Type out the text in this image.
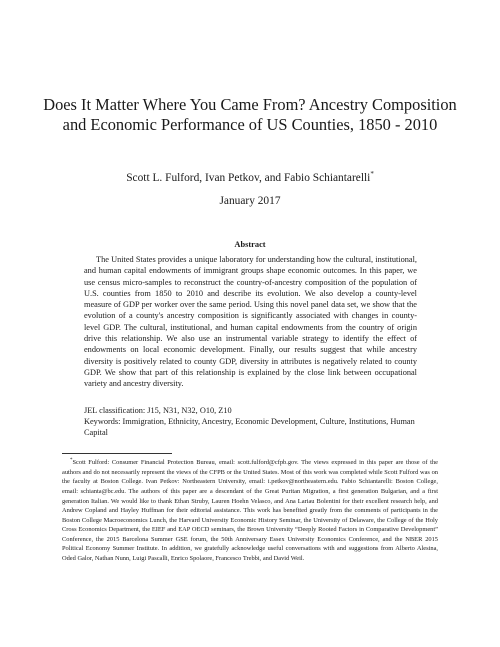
Does It Matter Where You Came From? Ancestry Composition and Economic Performance of US Counties, 1850 - 2010
Scott L. Fulford, Ivan Petkov, and Fabio Schiantarelli*
January 2017
Abstract
The United States provides a unique laboratory for understanding how the cultural, institutional, and human capital endowments of immigrant groups shape economic outcomes. In this paper, we use census micro-samples to reconstruct the country-of-ancestry composition of the population of U.S. counties from 1850 to 2010 and describe its evolution. We also develop a county-level measure of GDP per worker over the same period. Using this novel panel data set, we show that the evolution of a county's ancestry composition is significantly associated with changes in county-level GDP. The cultural, institutional, and human capital endowments from the country of origin drive this relationship. We also use an instrumental variable strategy to identify the effect of endowments on local economic development. Finally, our results suggest that while ancestry diversity is positively related to county GDP, diversity in attributes is negatively related to county GDP. We show that part of this relationship is explained by the close link between occupational variety and ancestry diversity.
JEL classification: J15, N31, N32, O10, Z10
Keywords: Immigration, Ethnicity, Ancestry, Economic Development, Culture, Institutions, Human Capital
*Scott Fulford: Consumer Financial Protection Bureau, email: scott.fulford@cfpb.gov. The views expressed in this paper are those of the authors and do not necessarily represent the views of the CFPB or the United States. Most of this work was completed while Scott Fulford was on the faculty at Boston College. Ivan Petkov: Northeastern University, email: i.petkov@northeastern.edu. Fabio Schiantarelli: Boston College, email: schianta@bc.edu. The authors of this paper are a descendant of the Great Puritan Migration, a first generation Bulgarian, and a first generation Italian. We would like to thank Ethan Struby, Lauren Hoehn Velasco, and Ana Lariau Bolentini for their excellent research help, and Andrew Copland and Hayley Huffman for their editorial assistance. This work has benefited greatly from the comments of participants in the Boston College Macroeconomics Lunch, the Harvard University Economic History Seminar, the University of Delaware, the College of the Holy Cross Economics Department, the EIEF and EAP OECD seminars, the Brown University “Deeply Rooted Factors in Comparative Development” Conference, the 2015 Barcelona Summer GSE forum, the 50th Anniversary Essex University Economics Conference, and the NBER 2015 Political Economy Summer Institute. In addition, we gratefully acknowledge useful conversations with and suggestions from Alberto Alesina, Oded Galor, Nathan Nunn, Luigi Pascalli, Enrico Spolaore, Francesco Trebbi, and David Weil.
